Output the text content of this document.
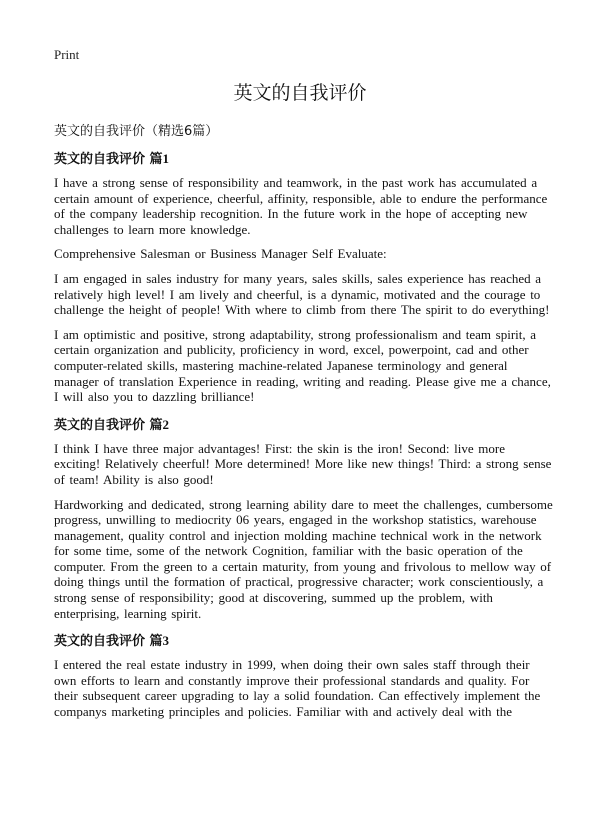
Print
英文的自我评价
英文的自我评价（精选6篇）
英文的自我评价 篇1

I have a strong sense of responsibility and teamwork, in the past work has accumulated a certain amount of experience, cheerful, affinity, responsible, able to endure the performance of the company leadership recognition. In the future work in the hope of accepting new challenges to learn more knowledge.

Comprehensive Salesman or Business Manager Self Evaluate:

I am engaged in sales industry for many years, sales skills, sales experience has reached a relatively high level! I am lively and cheerful, is a dynamic, motivated and the courage to challenge the height of people! With where to climb from there The spirit to do everything!

I am optimistic and positive, strong adaptability, strong professionalism and team spirit, a certain organization and publicity, proficiency in word, excel, powerpoint, cad and other computer-related skills, mastering machine-related Japanese terminology and general manager of translation Experience in reading, writing and reading. Please give me a chance, I will also you to dazzling brilliance!

英文的自我评价 篇2

I think I have three major advantages! First: the skin is the iron! Second: live more exciting! Relatively cheerful! More determined! More like new things! Third: a strong sense of team! Ability is also good!

Hardworking and dedicated, strong learning ability dare to meet the challenges, cumbersome progress, unwilling to mediocrity 06 years, engaged in the workshop statistics, warehouse management, quality control and injection molding machine technical work in the network for some time, some of the network Cognition, familiar with the basic operation of the computer. From the green to a certain maturity, from young and frivolous to mellow way of doing things until the formation of practical, progressive character; work conscientiously, a strong sense of responsibility; good at discovering, summed up the problem, with enterprising, learning spirit.

英文的自我评价 篇3

I entered the real estate industry in 1999, when doing their own sales staff through their own efforts to learn and constantly improve their professional standards and quality. For their subsequent career upgrading to lay a solid foundation. Can effectively implement the companys marketing principles and policies. Familiar with and actively deal with the
